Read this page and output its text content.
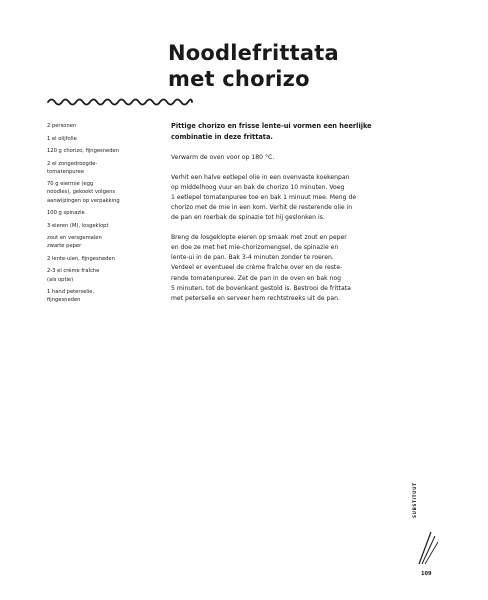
Noodlefrittata
met chorizo
2 personen
1 el olijfolie
120 g chorizo, fijngesneden
2 el zongedroogde-
tomatenpuree
70 g eiermie (egg
noodles), gekookt volgens
aanwijzingen op verpakking
100 g spinazie
3 eieren (M), losgeklopt
zout en versgemalen
zwarte peper
2 lente-uien, fijngesneden
2-3 el crème fraîche
(als optie)
1 hand peterselie,
fijngesneden

Pittige chorizo en frisse lente-ui vormen een heerlijke
combinatie in deze frittata.

Verwarm de oven voor op 180 °C.

Verhit een halve eetlepel olie in een ovenvaste koekenpan
op middelhoog vuur en bak de chorizo 10 minuten. Voeg
1 eetlepel tomatenpuree toe en bak 1 minuut mee. Meng de
chorizo met de mie in een kom. Verhit de resterende olie in
de pan en roerbak de spinazie tot hij geslonken is.

Breng de losgeklopte eieren op smaak met zout en peper
en doe ze met het mie-chorizomengsel, de spinazie en
lente-ui in de pan. Bak 3-4 minuten zonder te roeren.
Verdeel er eventueel de crème fraîche over en de reste-
rende tomatenpuree. Zet de pan in de oven en bak nog
5 minuten, tot de bovenkant gestold is. Bestrooi de frittata
met peterselie en serveer hem rechtstreeks uit de pan.

SUBSTITUUT
109
